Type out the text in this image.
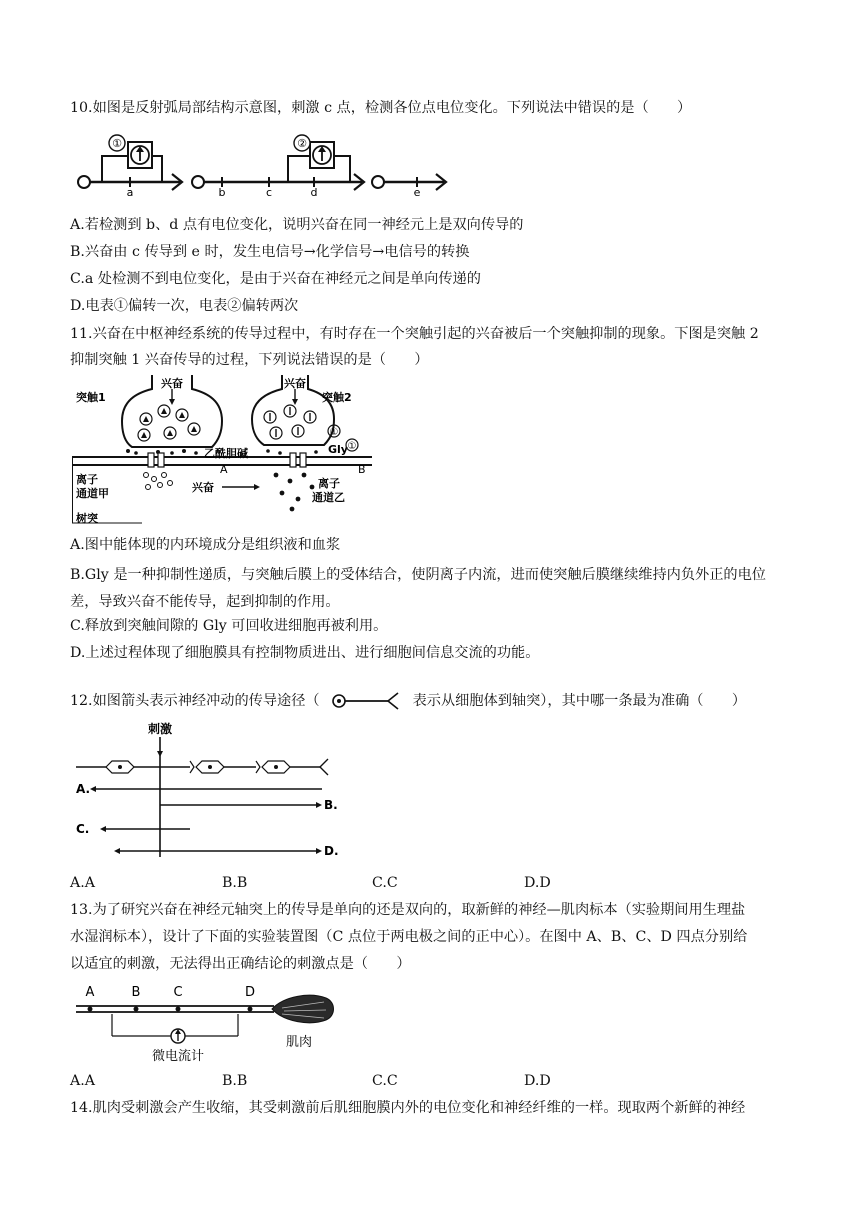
10.如图是反射弧局部结构示意图，刺激 c 点，检测各位点电位变化。下列说法中错误的是（　　）
①
a
②
b	c	d	e
A.若检测到 b、d 点有电位变化，说明兴奋在同一神经元上是双向传导的
B.兴奋由 c 传导到 e 时，发生电信号→化学信号→电信号的转换
C.a 处检测不到电位变化，是由于兴奋在神经元之间是单向传递的
D.电表①偏转一次，电表②偏转两次
11.兴奋在中枢神经系统的传导过程中，有时存在一个突触引起的兴奋被后一个突触抑制的现象。下图是突触 2
抑制突触 1 兴奋传导的过程，下列说法错误的是（　　）
兴奋
突触1
乙酰胆碱
离子
通道甲
树突
A
兴奋
兴奋
突触2
Gly
①
①
B
离子
通道乙
A.图中能体现的内环境成分是组织液和血浆
B.Gly 是一种抑制性递质，与突触后膜上的受体结合，使阴离子内流，进而使突触后膜继续维持内负外正的电位差，导致兴奋不能传导，起到抑制的作用。
C.释放到突触间隙的 Gly 可回收进细胞再被利用。
D.上述过程体现了细胞膜具有控制物质进出、进行细胞间信息交流的功能。
12.如图箭头表示神经冲动的传导途径（	表示从细胞体到轴突），其中哪一条最为准确（　　）
刺激
A.
B.
C.
D.
A.A	B.B	C.C	D.D
13.为了研究兴奋在神经元轴突上的传导是单向的还是双向的，取新鲜的神经—肌肉标本（实验期间用生理盐
水湿润标本），设计了下面的实验装置图（C 点位于两电极之间的正中心）。在图中 A、B、C、D 四点分别给
以适宜的刺激，无法得出正确结论的刺激点是（　　）
A	B	C	D
肌肉
微电流计
A.A	B.B	C.C	D.D
14.肌肉受刺激会产生收缩，其受刺激前后肌细胞膜内外的电位变化和神经纤维的一样。现取两个新鲜的神经
